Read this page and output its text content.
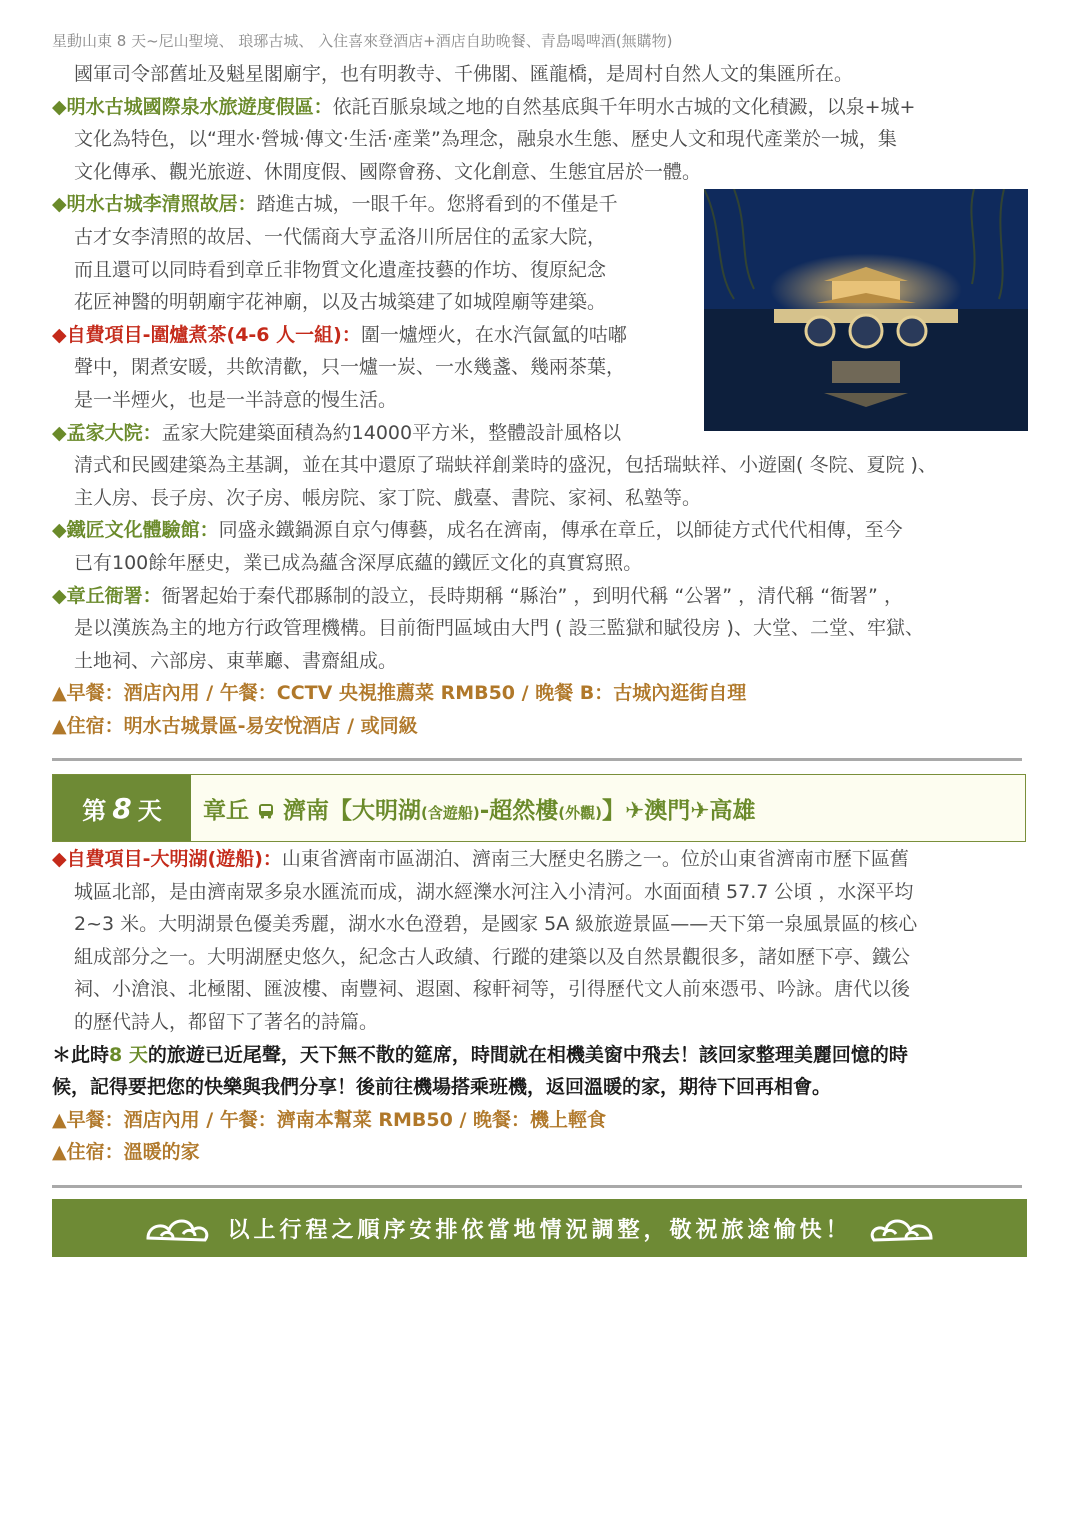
星動山東 8 天~尼山聖境、 琅琊古城、 入住喜來登酒店+酒店自助晚餐、青島喝啤酒(無購物)
國軍司令部舊址及魁星閣廟宇，也有明教寺、千佛閣、匯龍橋，是周村自然人文的集匯所在。
◆明水古城國際泉水旅遊度假區：依託百脈泉域之地的自然基底與千年明水古城的文化積澱，以泉+城+
文化為特色，以“理水·營城·傳文·生活·產業”為理念，融泉水生態、歷史人文和現代產業於一城，集
文化傳承、觀光旅遊、休閒度假、國際會務、文化創意、生態宜居於一體。
◆明水古城李清照故居：踏進古城，一眼千年。您將看到的不僅是千
古才女李清照的故居、一代儒商大亨孟洛川所居住的孟家大院，
而且還可以同時看到章丘非物質文化遺產技藝的作坊、復原紀念
花匠神醫的明朝廟宇花神廟，以及古城築建了如城隍廟等建築。
◆自費項目-圍爐煮茶(4-6 人一組)：圍一爐煙火，在水汽氤氳的咕嘟
聲中，閑煮安暖，共飲清歡，只一爐一炭、一水幾盞、幾兩茶葉，
是一半煙火，也是一半詩意的慢生活。
◆孟家大院：孟家大院建築面積為約14000平方米，整體設計風格以
清式和民國建築為主基調，並在其中還原了瑞蚨祥創業時的盛況，包括瑞蚨祥、小遊園( 冬院、夏院 )、
主人房、長子房、次子房、帳房院、家丁院、戲臺、書院、家祠、私塾等。
◆鐵匠文化體驗館：同盛永鐵鍋源自京勺傳藝，成名在濟南，傳承在章丘，以師徒方式代代相傳，至今
已有100餘年歷史，業已成為蘊含深厚底蘊的鐵匠文化的真實寫照。
◆章丘衙署：衙署起始于秦代郡縣制的設立，長時期稱 “縣治” ，到明代稱 “公署” ，清代稱 “衙署” ，
是以漢族為主的地方行政管理機構。目前衙門區域由大門 ( 設三監獄和賦役房 )、大堂、二堂、牢獄、
土地祠、六部房、東華廳、書齋組成。
▲早餐：酒店內用 / 午餐：CCTV 央視推薦菜 RMB50 / 晚餐 B：古城內逛街自理
▲住宿：明水古城景區-易安悅酒店 / 或同級
第 8 天	章丘 濟南【大明湖(含遊船)-超然樓(外觀)】✈澳門✈高雄
◆自費項目-大明湖(遊船)：山東省濟南市區湖泊、濟南三大歷史名勝之一。位於山東省濟南市歷下區舊
城區北部，是由濟南眾多泉水匯流而成，湖水經濼水河注入小清河。水面面積 57.7 公頃 ，水深平均
2~3 米。大明湖景色優美秀麗，湖水水色澄碧，是國家 5A 級旅遊景區——天下第一泉風景區的核心
組成部分之一。大明湖歷史悠久，紀念古人政績、行蹤的建築以及自然景觀很多，諸如歷下亭、鐵公
祠、小滄浪、北極閣、匯波樓、南豐祠、遐園、稼軒祠等，引得歷代文人前來憑弔、吟詠。唐代以後
的歷代詩人，都留下了著名的詩篇。
＊此時8 天的旅遊已近尾聲，天下無不散的筵席，時間就在相機美窗中飛去！該回家整理美麗回憶的時
候，記得要把您的快樂與我們分享！後前往機場搭乘班機，返回溫暖的家，期待下回再相會。
▲早餐：酒店內用 / 午餐：濟南本幫菜 RMB50 / 晚餐：機上輕食
▲住宿：溫暖的家
以上行程之順序安排依當地情況調整，敬祝旅途愉快！
